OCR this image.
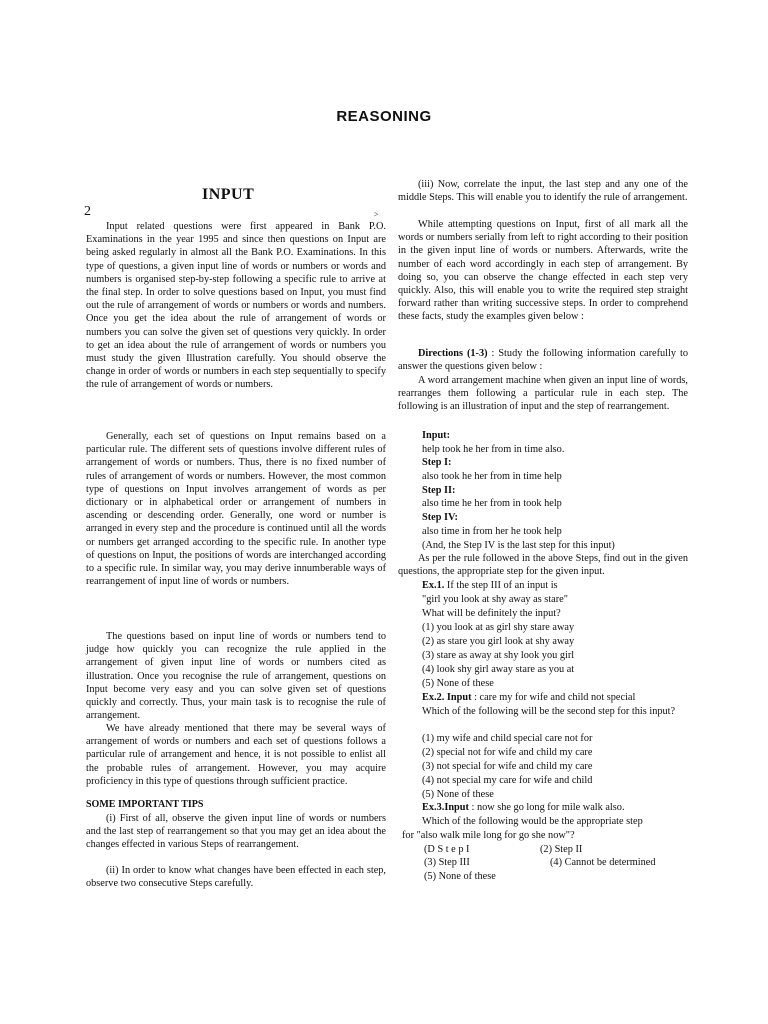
REASONING
INPUT
2	>
Input related questions were first appeared in Bank P.O. Examinations in the year 1995 and since then questions on Input are being asked regularly in almost all the Bank P.O. Examinations. In this type of questions, a given input line of words or numbers or words and numbers is organised step-by-step following a specific rule to arrive at the final step. In order to solve questions based on Input, you must find out the rule of arrangement of words or numbers or words and numbers. Once you get the idea about the rule of arrangement of words or numbers you can solve the given set of questions very quickly. In order to get an idea about the rule of arrangement of words or numbers you must study the given Illustration carefully. You should observe the change in order of words or numbers in each step sequentially to specify the rule of arrangement of words or numbers.
Generally, each set of questions on Input remains based on a particular rule. The different sets of questions involve different rules of arrangement of words or numbers. Thus, there is no fixed number of rules of arrangement of words or numbers. However, the most common type of questions on Input involves arrangement of words as per dictionary or in alphabetical order or arrangement of numbers in ascending or descending order. Generally, one word or number is arranged in every step and the procedure is continued until all the words or numbers get arranged according to the specific rule. In another type of questions on Input, the positions of words are interchanged according to a specific rule. In similar way, you may derive innumberable ways of rearrangement of input line of words or numbers.
The questions based on input line of words or numbers tend to judge how quickly you can recognize the rule applied in the arrangement of given input line of words or numbers cited as illustration. Once you recognise the rule of arrangement, questions on Input become very easy and you can solve given set of questions quickly and correctly. Thus, your main task is to recognise the rule of arrangement.
We have already mentioned that there may be several ways of arrangement of words or numbers and each set of questions follows a particular rule of arrangement and hence, it is not possible to enlist all the probable rules of arrangement. However, you may acquire proficiency in this type of questions through sufficient practice.
SOME IMPORTANT TIPS
(i) First of all, observe the given input line of words or numbers and the last step of rearrangement so that you may get an idea about the changes effected in various Steps of rearrangement.
(ii) In order to know what changes have been effected in each step, observe two consecutive Steps carefully.
(iii) Now, correlate the input, the last step and any one of the middle Steps. This will enable you to identify the rule of arrangement.
While attempting questions on Input, first of all mark all the words or numbers serially from left to right according to their position in the given input line of words or numbers. Afterwards, write the number of each word accordingly in each step of arrangement. By doing so, you can observe the change effected in each step very quickly. Also, this will enable you to write the required step straight forward rather than writing successive steps. In order to comprehend these facts, study the examples given below :
Directions (1-3) : Study the following information carefully to answer the questions given below :
A word arrangement machine when given an input line of words, rearranges them following a particular rule in each step. The following is an illustration of input and the step of rearrangement.
Input:
help took he her from in time also.
Step I:
also took he her from in time help
Step II:
also time he her from in took help
Step IV:
also time in from her he took help
(And, the Step IV is the last step for this input)
As per the rule followed in the above Steps, find out in the given questions, the appropriate step for the given input.
Ex.1. If the step III of an input is
"girl you look at shy away as stare"
What will be definitely the input?
(1) you look at as girl shy stare away
(2) as stare you girl look at shy away
(3) stare as away at shy look you girl
(4) look shy girl away stare as you at
(5) None of these
Ex.2. Input : care my for wife and child not special
Which of the following will be the second step for this input?
(1) my wife and child special care not for
(2) special not for wife and child my care
(3) not special for wife and child my care
(4) not special my care for wife and child
(5) None of these
Ex.3.Input : now she go long for mile walk also.
Which of the following would be the appropriate step
for "also walk mile long for go she now"?
(D S t e p I	(2) Step II
(3) Step III	(4) Cannot be determined
(5) None of these
